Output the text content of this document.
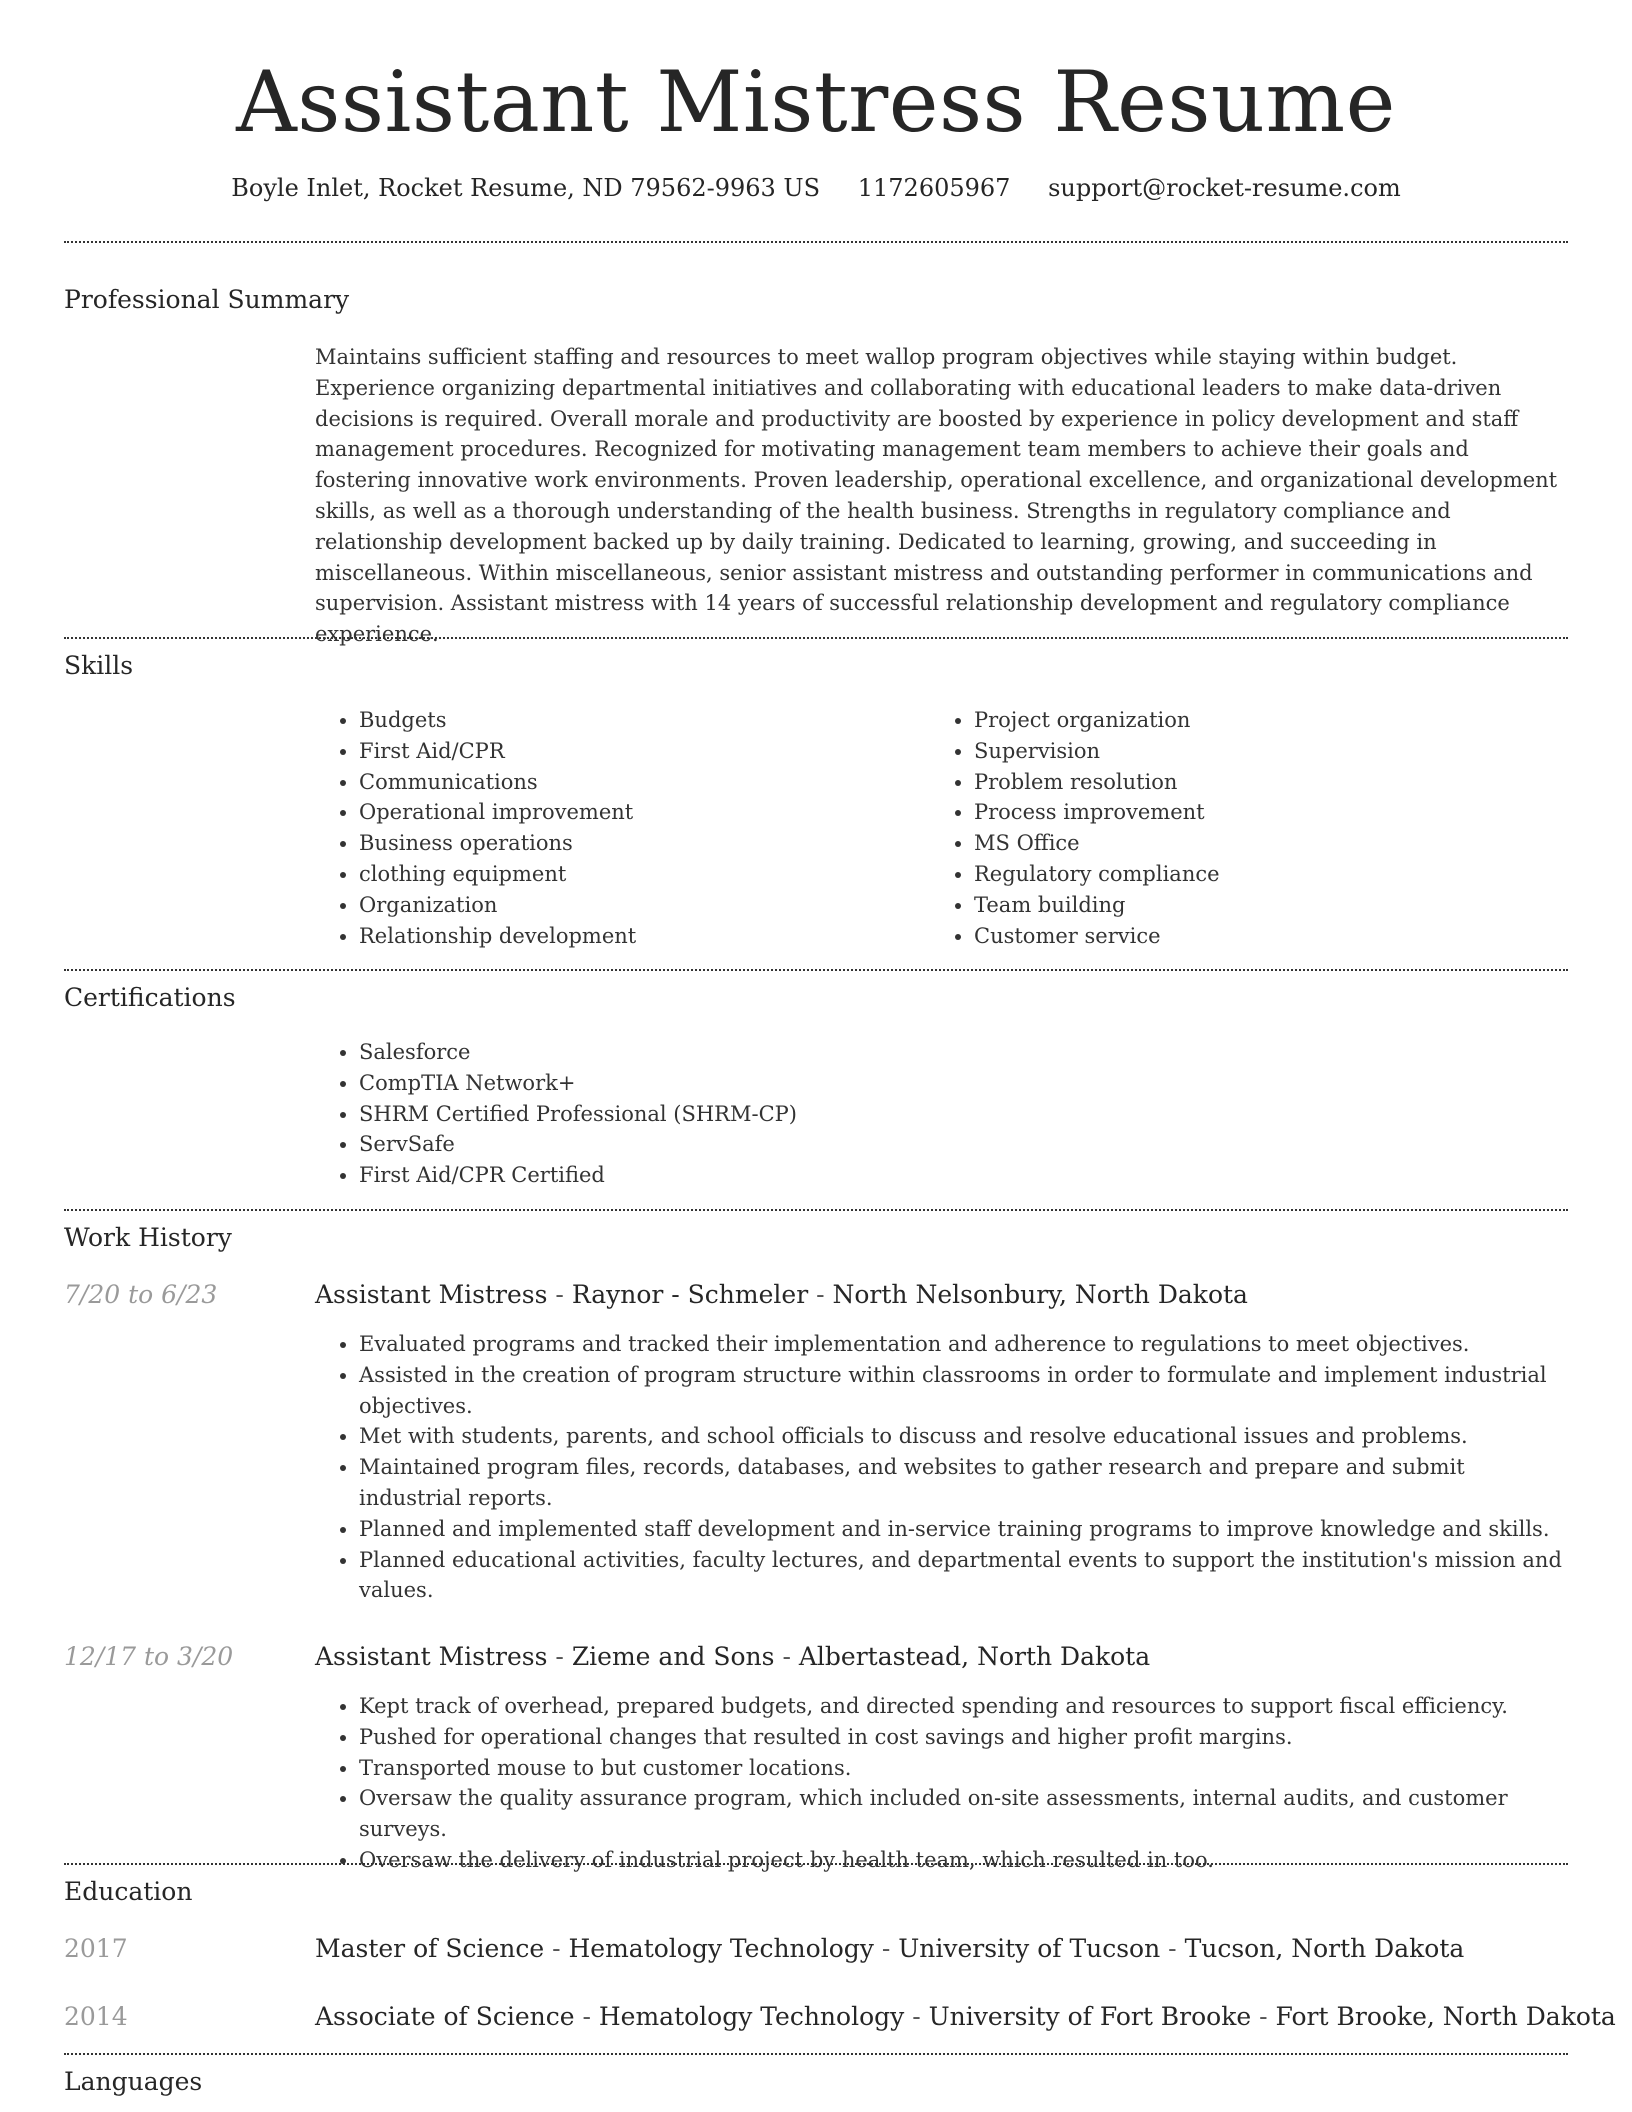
Assistant Mistress Resume
Boyle Inlet, Rocket Resume, ND 79562-9963 US 1172605967 support@rocket-resume.com
Professional Summary

Maintains sufficient staffing and resources to meet wallop program objectives while staying within budget. Experience organizing departmental initiatives and collaborating with educational leaders to make data-driven decisions is required. Overall morale and productivity are boosted by experience in policy development and staff management procedures. Recognized for motivating management team members to achieve their goals and fostering innovative work environments. Proven leadership, operational excellence, and organizational development skills, as well as a thorough understanding of the health business. Strengths in regulatory compliance and relationship development backed up by daily training. Dedicated to learning, growing, and succeeding in miscellaneous. Within miscellaneous, senior assistant mistress and outstanding performer in communications and supervision. Assistant mistress with 14 years of successful relationship development and regulatory compliance experience.

Skills
• Budgets
• First Aid/CPR
• Communications
• Operational improvement
• Business operations
• clothing equipment
• Organization
• Relationship development
• Project organization
• Supervision
• Problem resolution
• Process improvement
• MS Office
• Regulatory compliance
• Team building
• Customer service
Certifications
• Salesforce
• CompTIA Network+
• SHRM Certified Professional (SHRM-CP)
• ServSafe
• First Aid/CPR Certified
Work History
7/20 to 6/23	Assistant Mistress - Raynor - Schmeler - North Nelsonbury, North Dakota
• Evaluated programs and tracked their implementation and adherence to regulations to meet objectives.
• Assisted in the creation of program structure within classrooms in order to formulate and implement industrial objectives.
• Met with students, parents, and school officials to discuss and resolve educational issues and problems.
• Maintained program files, records, databases, and websites to gather research and prepare and submit industrial reports.
• Planned and implemented staff development and in-service training programs to improve knowledge and skills.
• Planned educational activities, faculty lectures, and departmental events to support the institution's mission and values.
12/17 to 3/20	Assistant Mistress - Zieme and Sons - Albertastead, North Dakota
• Kept track of overhead, prepared budgets, and directed spending and resources to support fiscal efficiency.
• Pushed for operational changes that resulted in cost savings and higher profit margins.
• Transported mouse to but customer locations.
• Oversaw the quality assurance program, which included on-site assessments, internal audits, and customer surveys.
• Oversaw the delivery of industrial project by health team, which resulted in too.
Education
2017	Master of Science - Hematology Technology - University of Tucson - Tucson, North Dakota
2014	Associate of Science - Hematology Technology - University of Fort Brooke - Fort Brooke, North Dakota
Languages
